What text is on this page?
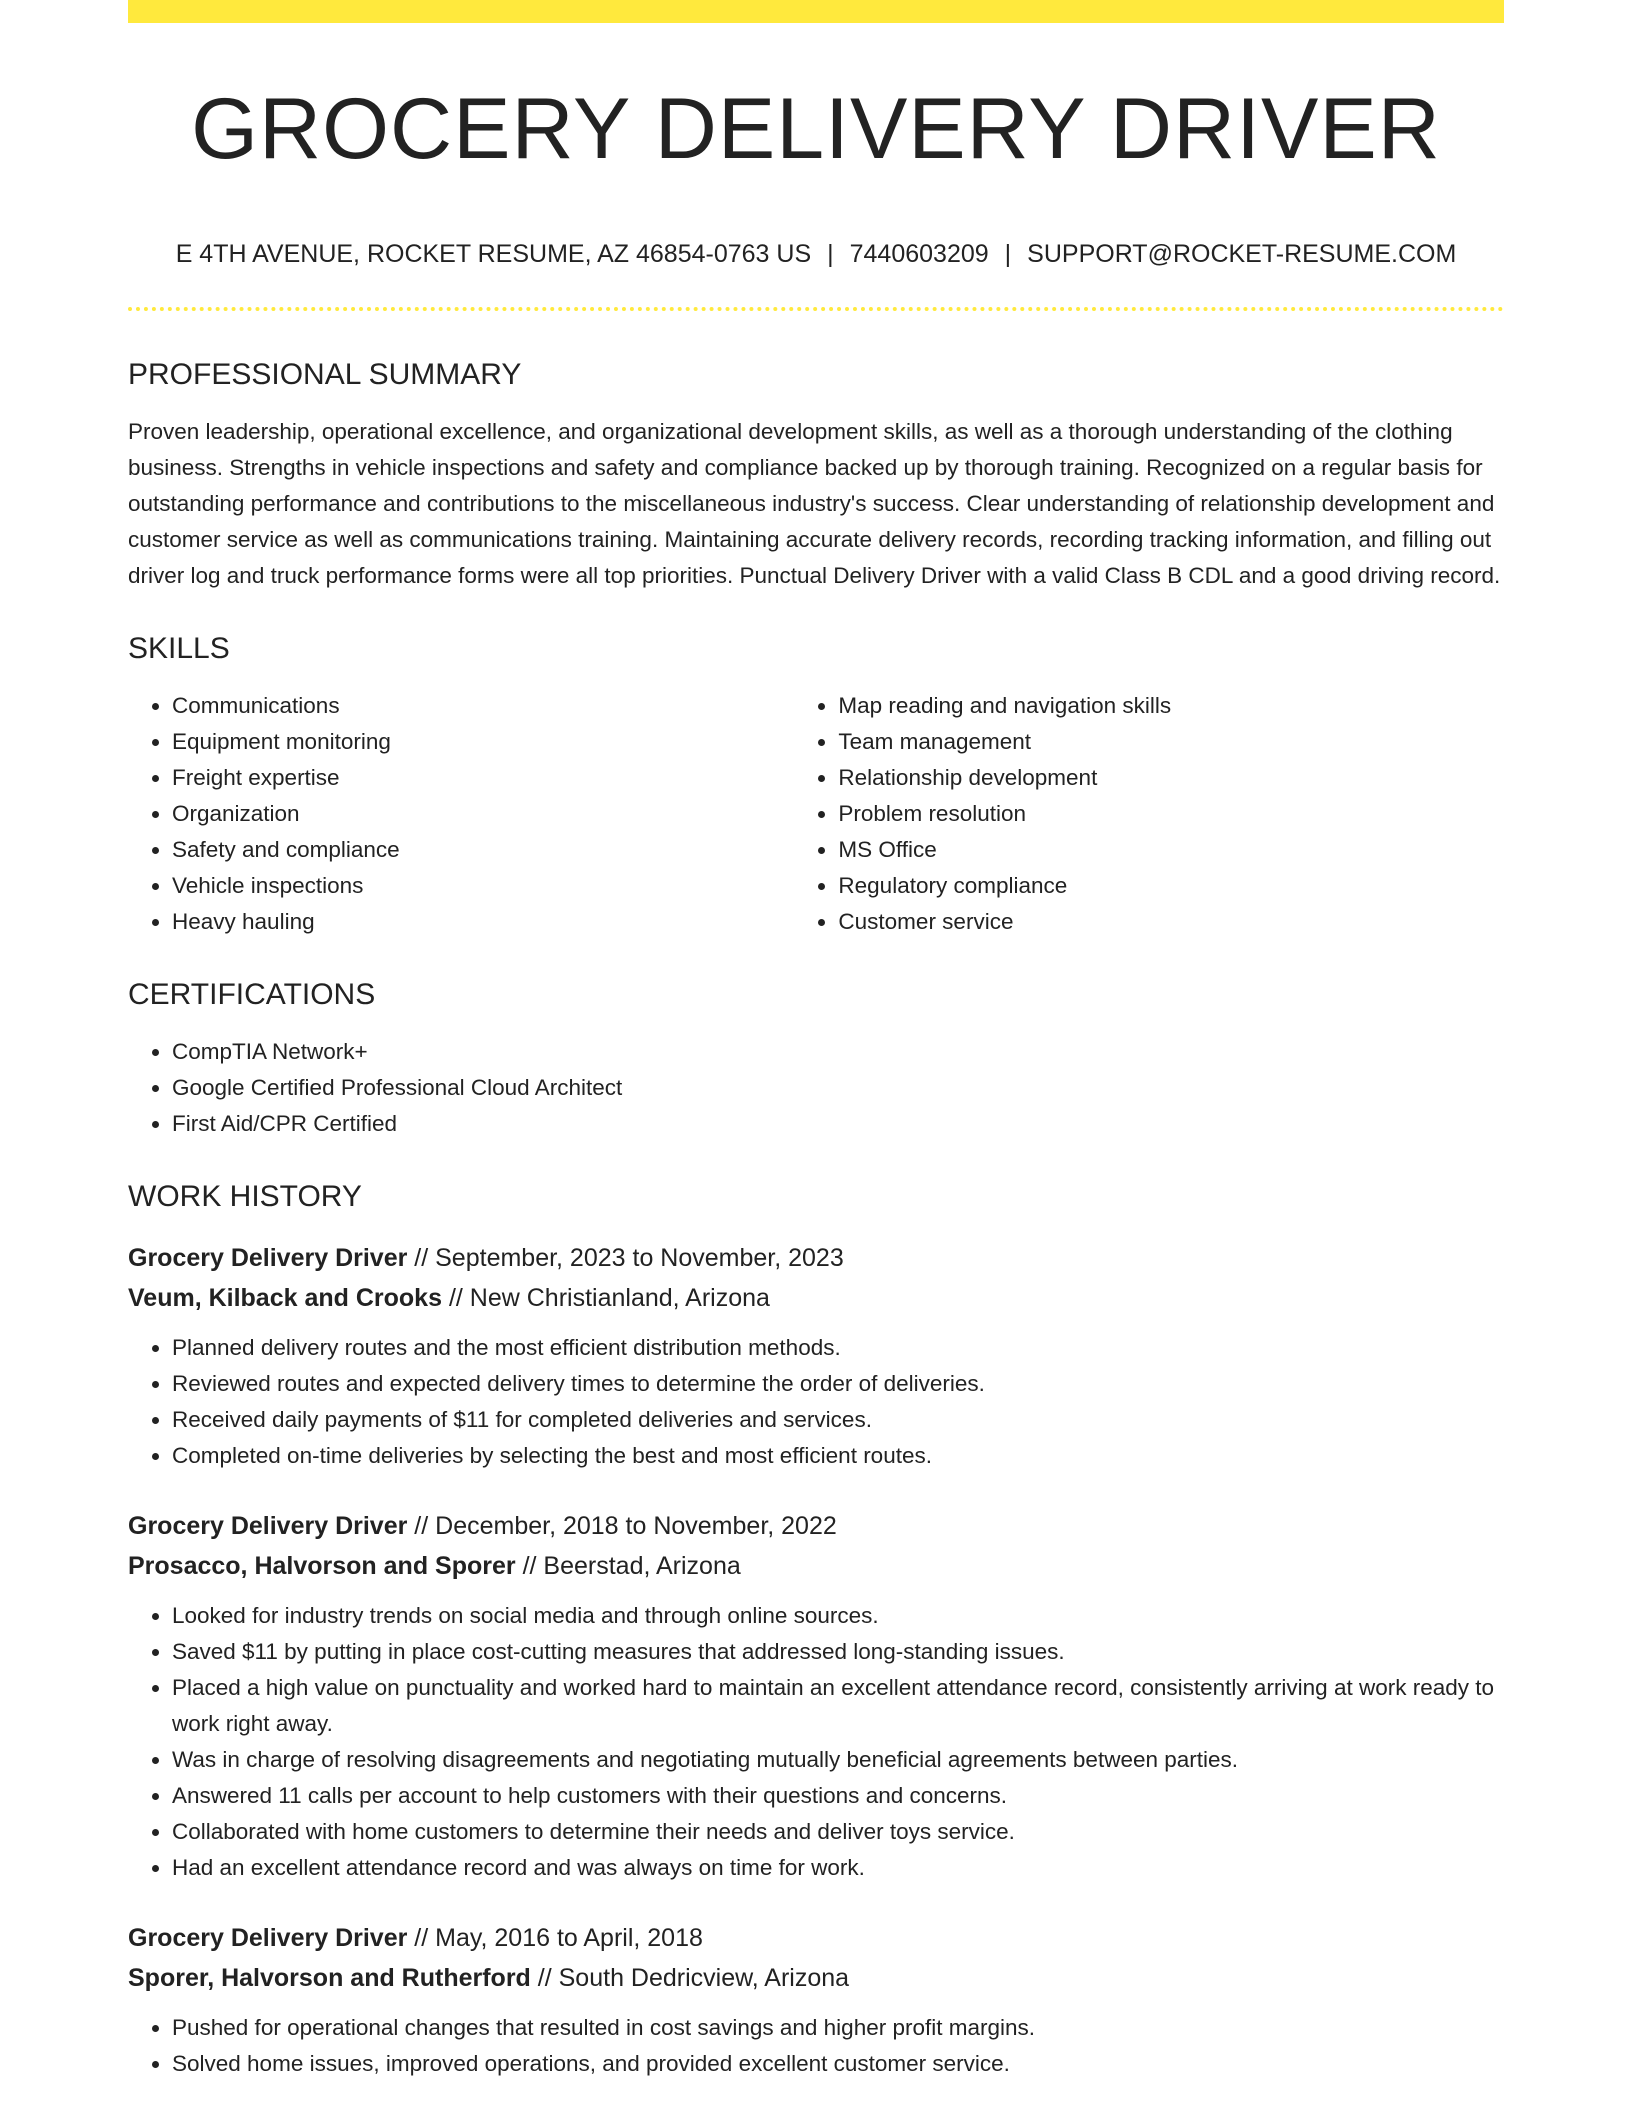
GROCERY DELIVERY DRIVER
E 4TH AVENUE, ROCKET RESUME, AZ 46854-0763 US | 7440603209 | SUPPORT@ROCKET-RESUME.COM
PROFESSIONAL SUMMARY

Proven leadership, operational excellence, and organizational development skills, as well as a thorough understanding of the clothing business. Strengths in vehicle inspections and safety and compliance backed up by thorough training. Recognized on a regular basis for outstanding performance and contributions to the miscellaneous industry's success. Clear understanding of relationship development and customer service as well as communications training. Maintaining accurate delivery records, recording tracking information, and filling out driver log and truck performance forms were all top priorities. Punctual Delivery Driver with a valid Class B CDL and a good driving record.

SKILLS
• Communications
• Equipment monitoring
• Freight expertise
• Organization
• Safety and compliance
• Vehicle inspections
• Heavy hauling
• Map reading and navigation skills
• Team management
• Relationship development
• Problem resolution
• MS Office
• Regulatory compliance
• Customer service
CERTIFICATIONS
• CompTIA Network+
• Google Certified Professional Cloud Architect
• First Aid/CPR Certified
WORK HISTORY
Grocery Delivery Driver // September, 2023 to November, 2023
Veum, Kilback and Crooks // New Christianland, Arizona
• Planned delivery routes and the most efficient distribution methods.
• Reviewed routes and expected delivery times to determine the order of deliveries.
• Received daily payments of $11 for completed deliveries and services.
• Completed on-time deliveries by selecting the best and most efficient routes.
Grocery Delivery Driver // December, 2018 to November, 2022
Prosacco, Halvorson and Sporer // Beerstad, Arizona
• Looked for industry trends on social media and through online sources.
• Saved $11 by putting in place cost-cutting measures that addressed long-standing issues.
• Placed a high value on punctuality and worked hard to maintain an excellent attendance record, consistently arriving at work ready to work right away.
• Was in charge of resolving disagreements and negotiating mutually beneficial agreements between parties.
• Answered 11 calls per account to help customers with their questions and concerns.
• Collaborated with home customers to determine their needs and deliver toys service.
• Had an excellent attendance record and was always on time for work.
Grocery Delivery Driver // May, 2016 to April, 2018
Sporer, Halvorson and Rutherford // South Dedricview, Arizona
• Pushed for operational changes that resulted in cost savings and higher profit margins.
• Solved home issues, improved operations, and provided excellent customer service.
